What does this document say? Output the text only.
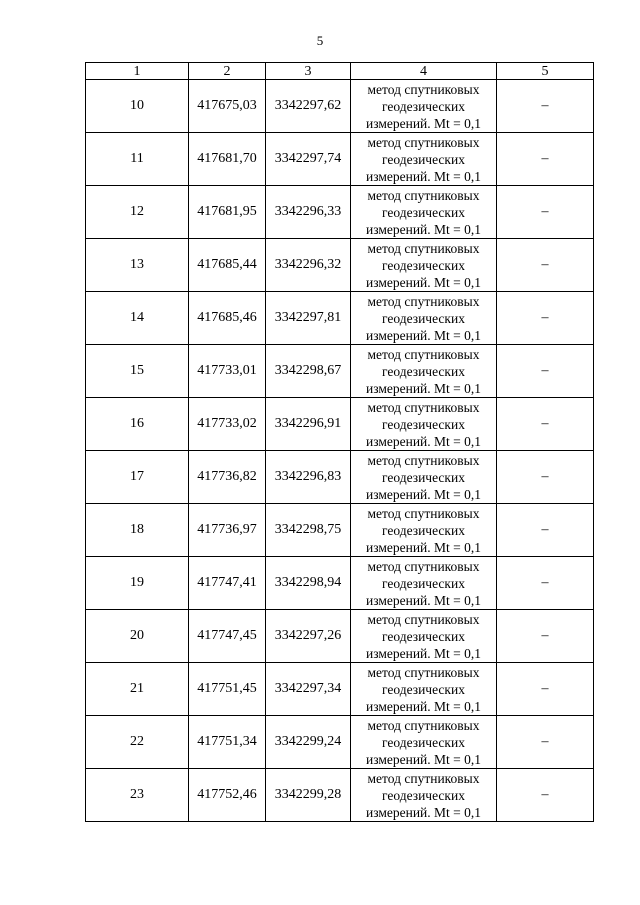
5
1	2	3	4	5
10	417675,03	3342297,62	метод спутниковых
геодезических
измерений. Mt = 0,1	–
11	417681,70	3342297,74	метод спутниковых
геодезических
измерений. Mt = 0,1	–
12	417681,95	3342296,33	метод спутниковых
геодезических
измерений. Mt = 0,1	–
13	417685,44	3342296,32	метод спутниковых
геодезических
измерений. Mt = 0,1	–
14	417685,46	3342297,81	метод спутниковых
геодезических
измерений. Mt = 0,1	–
15	417733,01	3342298,67	метод спутниковых
геодезических
измерений. Mt = 0,1	–
16	417733,02	3342296,91	метод спутниковых
геодезических
измерений. Mt = 0,1	–
17	417736,82	3342296,83	метод спутниковых
геодезических
измерений. Mt = 0,1	–
18	417736,97	3342298,75	метод спутниковых
геодезических
измерений. Mt = 0,1	–
19	417747,41	3342298,94	метод спутниковых
геодезических
измерений. Mt = 0,1	–
20	417747,45	3342297,26	метод спутниковых
геодезических
измерений. Mt = 0,1	–
21	417751,45	3342297,34	метод спутниковых
геодезических
измерений. Mt = 0,1	–
22	417751,34	3342299,24	метод спутниковых
геодезических
измерений. Mt = 0,1	–
23	417752,46	3342299,28	метод спутниковых
геодезических
измерений. Mt = 0,1	–
